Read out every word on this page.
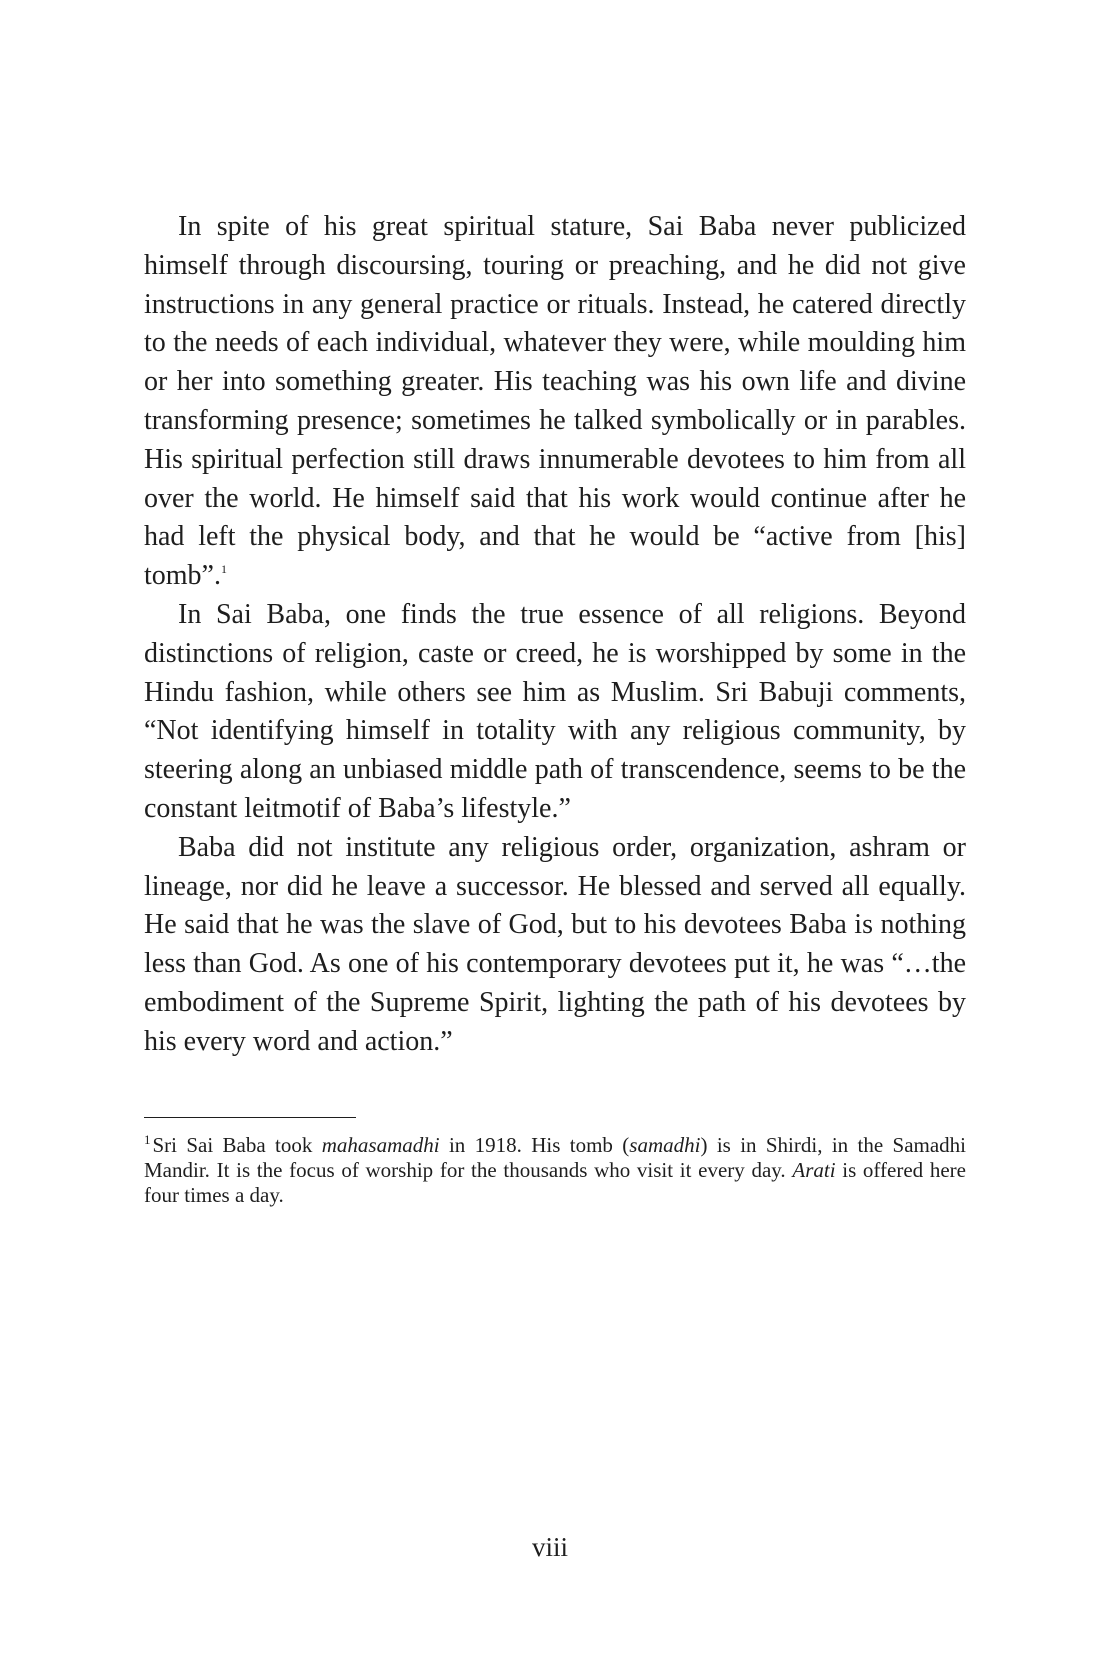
In spite of his great spiritual stature, Sai Baba never publicized himself through discoursing, touring or preaching, and he did not give instructions in any general practice or rituals. Instead, he catered directly to the needs of each individual, whatever they were, while moulding him or her into something greater. His teaching was his own life and divine transforming presence; sometimes he talked symbolically or in parables. His spiritual perfection still draws innumerable devotees to him from all over the world. He himself said that his work would continue after he had left the physical body, and that he would be “active from [his] tomb”.$^1$

In Sai Baba, one finds the true essence of all religions. Beyond distinctions of religion, caste or creed, he is worshipped by some in the Hindu fashion, while others see him as Muslim. Sri Babuji comments, “Not identifying himself in totality with any religious community, by steering along an unbiased middle path of transcendence, seems to be the constant leitmotif of Baba’s lifestyle.”

Baba did not institute any religious order, organization, ashram or lineage, nor did he leave a successor. He blessed and served all equally. He said that he was the slave of God, but to his devotees Baba is nothing less than God. As one of his contemporary devotees put it, he was “…the embodiment of the Supreme Spirit, lighting the path of his devotees by his every word and action.”

$^1$Sri Sai Baba took mahasamadhi in 1918. His tomb (samadhi) is in Shirdi, in the Samadhi Mandir. It is the focus of worship for the thousands who visit it every day. Arati is offered here four times a day.

viii
